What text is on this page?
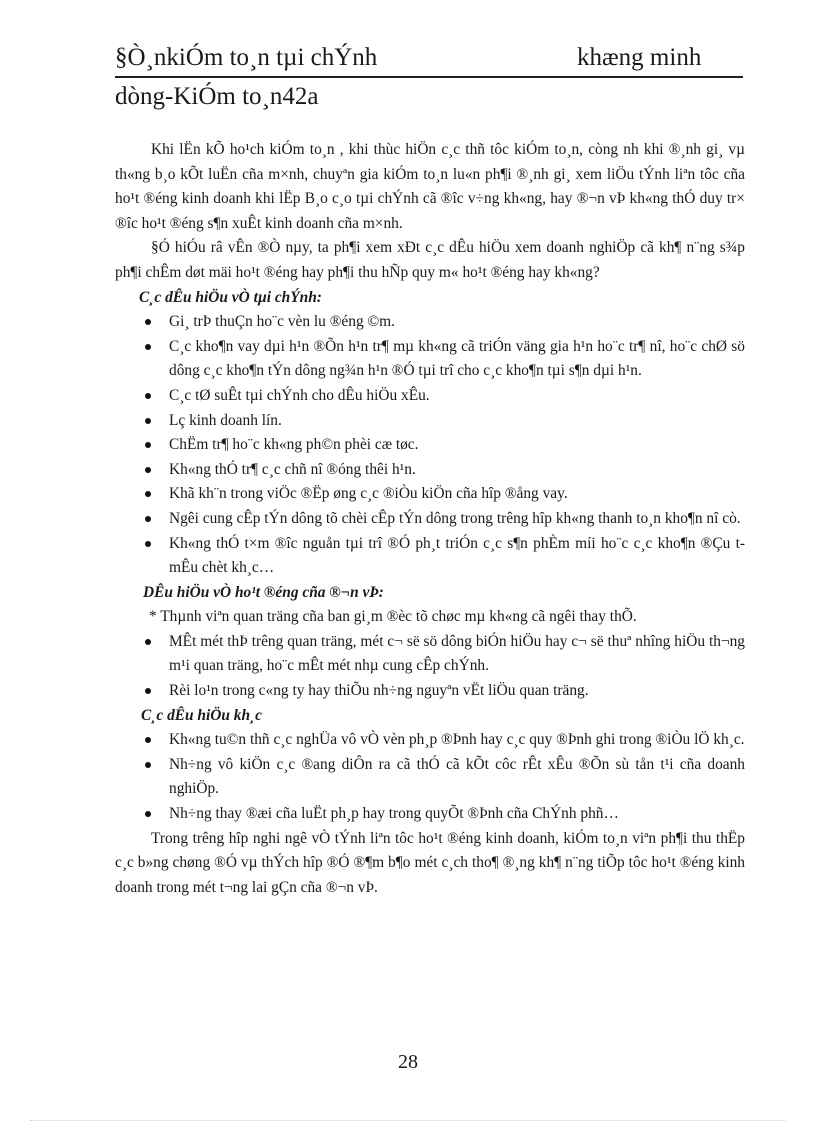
§Ò¸nkiÓm to¸n tµi chÝnh	khæng minh
dòng-KiÓm to¸n42a

Khi lËn kÕ ho¹ch kiÓm to¸n , khi thùc hiÖn c¸c thñ tôc kiÓm to¸n, còng nh khi ®¸nh gi¸ vµ th«ng b¸o kÕt luËn cña m×nh, chuyªn gia kiÓm to¸n lu«n ph¶i ®¸nh gi¸ xem liÖu tÝnh liªn tôc cña ho¹t ®éng kinh doanh khi lËp B¸o c¸o tµi chÝnh cã ®îc v÷ng kh«ng, hay ®¬n vÞ kh«ng thÓ duy tr× ®îc ho¹t ®éng s¶n xuÊt kinh doanh cña m×nh.

§Ó hiÓu râ vÊn ®Ò nµy, ta ph¶i xem xÐt c¸c dÊu hiÖu xem doanh nghiÖp cã kh¶ n¨ng s¾p ph¶i chÊm døt mäi ho¹t ®éng hay ph¶i thu hÑp quy m« ho¹t ®éng hay kh«ng?

C¸c dÊu hiÖu vÒ tµi chÝnh:

Gi¸ trÞ thuÇn ho¨c vèn lu ®éng ©m.
C¸c kho¶n vay dµi h¹n ®Õn h¹n tr¶ mµ kh«ng cã triÓn väng gia h¹n ho¨c tr¶ nî, ho¨c chØ sö dông c¸c kho¶n tÝn dông ng¾n h¹n ®Ó tµi trî cho c¸c kho¶n tµi s¶n dµi h¹n.
C¸c tØ suÊt tµi chÝnh cho dÊu hiÖu xÊu.
Lç kinh doanh lín.
ChËm tr¶ ho¨c kh«ng ph©n phèi cæ tøc.
Kh«ng thÓ tr¶ c¸c chñ nî ®óng thêi h¹n.
Khã kh¨n trong viÖc ®Ëp øng c¸c ®iÒu kiÖn cña hîp ®ång vay.
Ngêi cung cÊp tÝn dông tõ chèi cÊp tÝn dông trong trêng hîp kh«ng thanh to¸n kho¶n nî cò.
Kh«ng thÓ t×m ®îc nguån tµi trî ®Ó ph¸t triÓn c¸c s¶n phÈm míi ho¨c c¸c kho¶n ®Çu t mÊu chèt kh¸c…

DÊu hiÖu vÒ ho¹t ®éng cña ®¬n vÞ:

* Thµnh viªn quan träng cña ban gi¸m ®èc tõ chøc mµ kh«ng cã ngêi thay thÕ.

MÊt mét thÞ trêng quan träng, mét c¬ së sö dông biÓn hiÖu hay c¬ së thuª nhîng hiÖu th¬ng m¹i quan träng, ho¨c mÊt mét nhµ cung cÊp chÝnh.
Rèi lo¹n trong c«ng ty hay thiÕu nh÷ng nguyªn vËt liÖu quan träng.

C¸c dÊu hiÖu kh¸c

Kh«ng tu©n thñ c¸c nghÜa vô vÒ vèn ph¸p ®Þnh hay c¸c quy ®Þnh ghi trong ®iÒu lÖ kh¸c.
Nh÷ng vô kiÖn c¸c ®ang diÔn ra cã thÓ cã kÕt côc rÊt xÊu ®Õn sù tån t¹i cña doanh nghiÖp.
Nh÷ng thay ®æi cña luËt ph¸p hay trong quyÕt ®Þnh cña ChÝnh phñ…

Trong trêng hîp nghi ngê vÒ tÝnh liªn tôc ho¹t ®éng kinh doanh, kiÓm to¸n viªn ph¶i thu thËp c¸c b»ng chøng ®Ó vµ thÝch hîp ®Ó ®¶m b¶o mét c¸ch tho¶ ®¸ng kh¶ n¨ng tiÕp tôc ho¹t ®éng kinh doanh trong mét t¬ng lai gÇn cña ®¬n vÞ.

28
